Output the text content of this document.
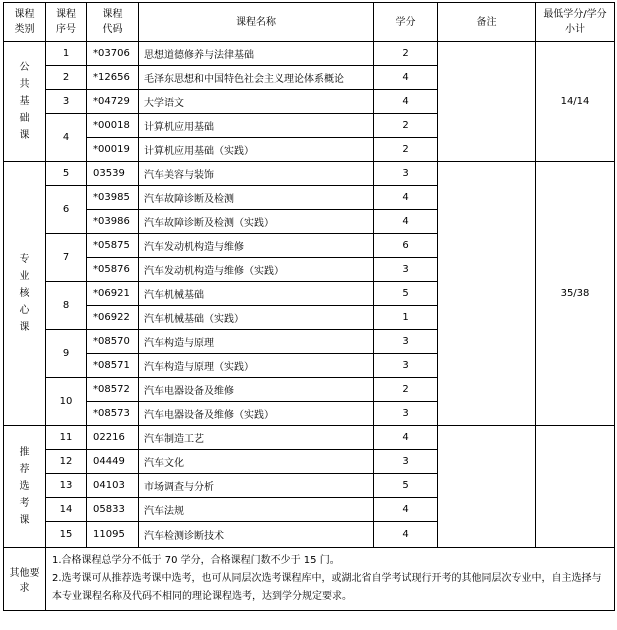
课程类别	课程序号	课程代码	课程名称	学分	备注	最低学分/学分小计
公共基础课	1	*03706	思想道德修养与法律基础	2		14/14
	2	*12656	毛泽东思想和中国特色社会主义理论体系概论	4		
	3	*04729	大学语文	4		
	4	*00018	计算机应用基础	2		
		*00019	计算机应用基础（实践）	2		
专业核心课	5	03539	汽车美容与装饰	3		35/38
	6	*03985	汽车故障诊断及检测	4		
		*03986	汽车故障诊断及检测（实践）	4		
	7	*05875	汽车发动机构造与维修	6		
		*05876	汽车发动机构造与维修（实践）	3		
	8	*06921	汽车机械基础	5		
		*06922	汽车机械基础（实践）	1		
	9	*08570	汽车构造与原理	3		
		*08571	汽车构造与原理（实践）	3		
	10	*08572	汽车电器设备及维修	2		
		*08573	汽车电器设备及维修（实践）	3		
推荐选考课	11	02216	汽车制造工艺	4		
	12	04449	汽车文化	3		
	13	04103	市场调查与分析	5		
	14	05833	汽车法规	4		
	15	11095	汽车检测诊断技术	4		
其他要求	1.合格课程总学分不低于 70 学分，合格课程门数不少于 15 门。

2.选考课可从推荐选考课中选考，也可从同层次选考课程库中，或湖北省自学考试现行开考的其他同层次专业中，自主选择与本专业课程名称及代码不相同的理论课程选考，达到学分规定要求。					
